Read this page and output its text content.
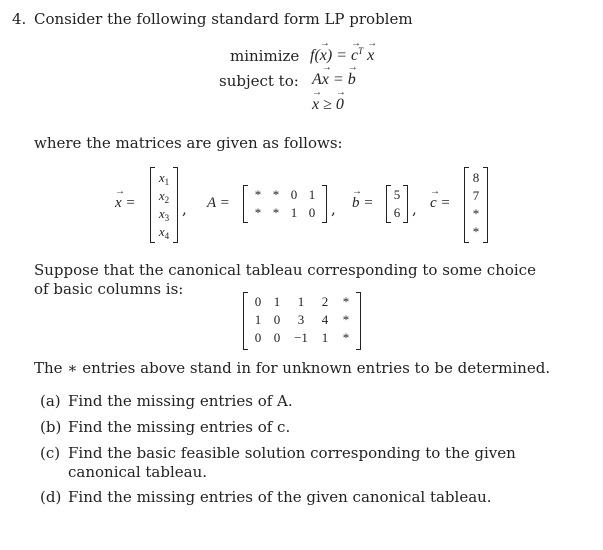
4. Consider the following standard form LP problem
minimize f(→ x) = → $c^T \to x$
subject to: A→ x = → b
→ x ≥ → 0
where the matrices are given as follows:
→ x =
$x_1$
$x_2$
$x_3$
$x_4$
, A =
* * 0 1
* * 1 0	, → b =
5
6 , → c =
8
7
*
*
Suppose that the canonical tableau corresponding to some choice of basic columns is:
0 1	1	2	*
1 0	3	4	*
0 0	−1	1	*
The ∗ entries above stand in for unknown entries to be determined.
(a) Find the missing entries of A.
(b) Find the missing entries of c.
(c) Find the basic feasible solution corresponding to the given canonical tableau.
(d) Find the missing entries of the given canonical tableau.
